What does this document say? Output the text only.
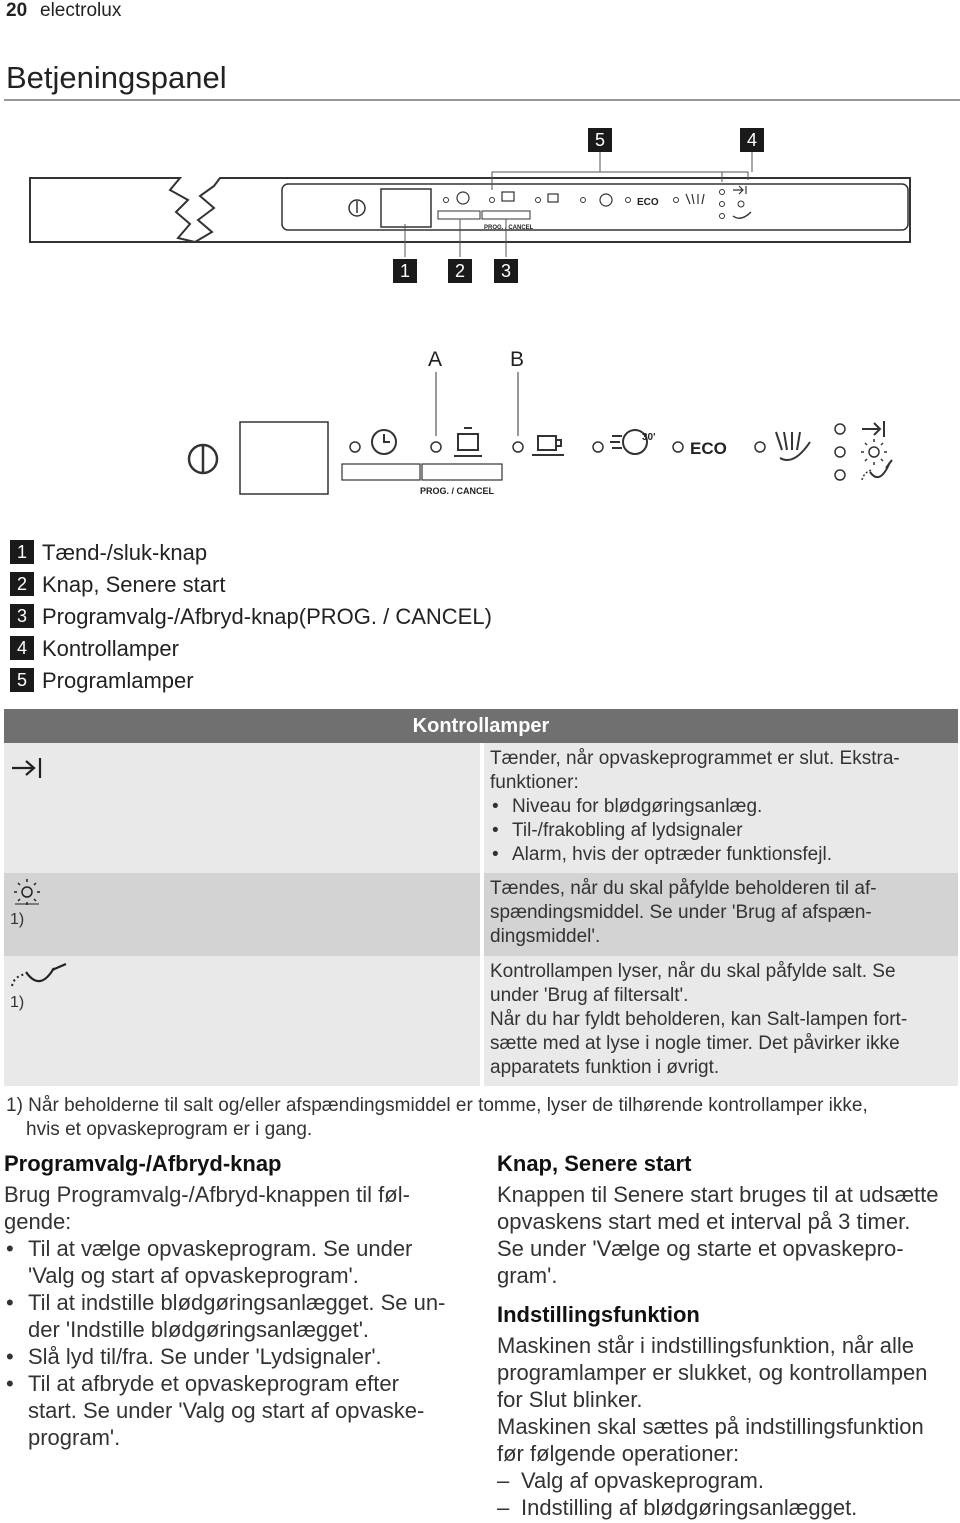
20 electrolux
Betjeningspanel
PROG. / CANCEL
ECO
5	4
1	2	3
A	B
PROG. / CANCEL
30'
ECO
1 Tænd-/sluk-knap
2 Knap, Senere start
3 Programvalg-/Afbryd-knap(PROG. / CANCEL)
4 Kontrollamper
5 Programlamper
Kontrollamper
Tænder, når opvaskeprogrammet er slut. Ekstra-
funktioner:
• Niveau for blødgøringsanlæg.
• Til-/frakobling af lydsignaler
• Alarm, hvis der optræder funktionsfejl.
1)
Tændes, når du skal påfylde beholderen til af-
spændingsmiddel. Se under 'Brug af afspæn-
dingsmiddel'.
1)
Kontrollampen lyser, når du skal påfylde salt. Se
under 'Brug af filtersalt'.
Når du har fyldt beholderen, kan Salt-lampen fort-
sætte med at lyse i nogle timer. Det påvirker ikke
apparatets funktion i øvrigt.
1) Når beholderne til salt og/eller afspændingsmiddel er tomme, lyser de tilhørende kontrollamper ikke,
hvis et opvaskeprogram er i gang.
Programvalg-/Afbryd-knap
Brug Programvalg-/Afbryd-knappen til føl-
gende:
• Til at vælge opvaskeprogram. Se under
'Valg og start af opvaskeprogram'.
• Til at indstille blødgøringsanlægget. Se un-
der 'Indstille blødgøringsanlægget'.
• Slå lyd til/fra. Se under 'Lydsignaler'.
• Til at afbryde et opvaskeprogram efter
start. Se under 'Valg og start af opvaske-
program'.
Knap, Senere start
Knappen til Senere start bruges til at udsætte
opvaskens start med et interval på 3 timer.
Se under 'Vælge og starte et opvaskepro-
gram'.
Indstillingsfunktion
Maskinen står i indstillingsfunktion, når alle
programlamper er slukket, og kontrollampen
for Slut blinker.
Maskinen skal sættes på indstillingsfunktion
før følgende operationer:
– Valg af opvaskeprogram.
– Indstilling af blødgøringsanlægget.
